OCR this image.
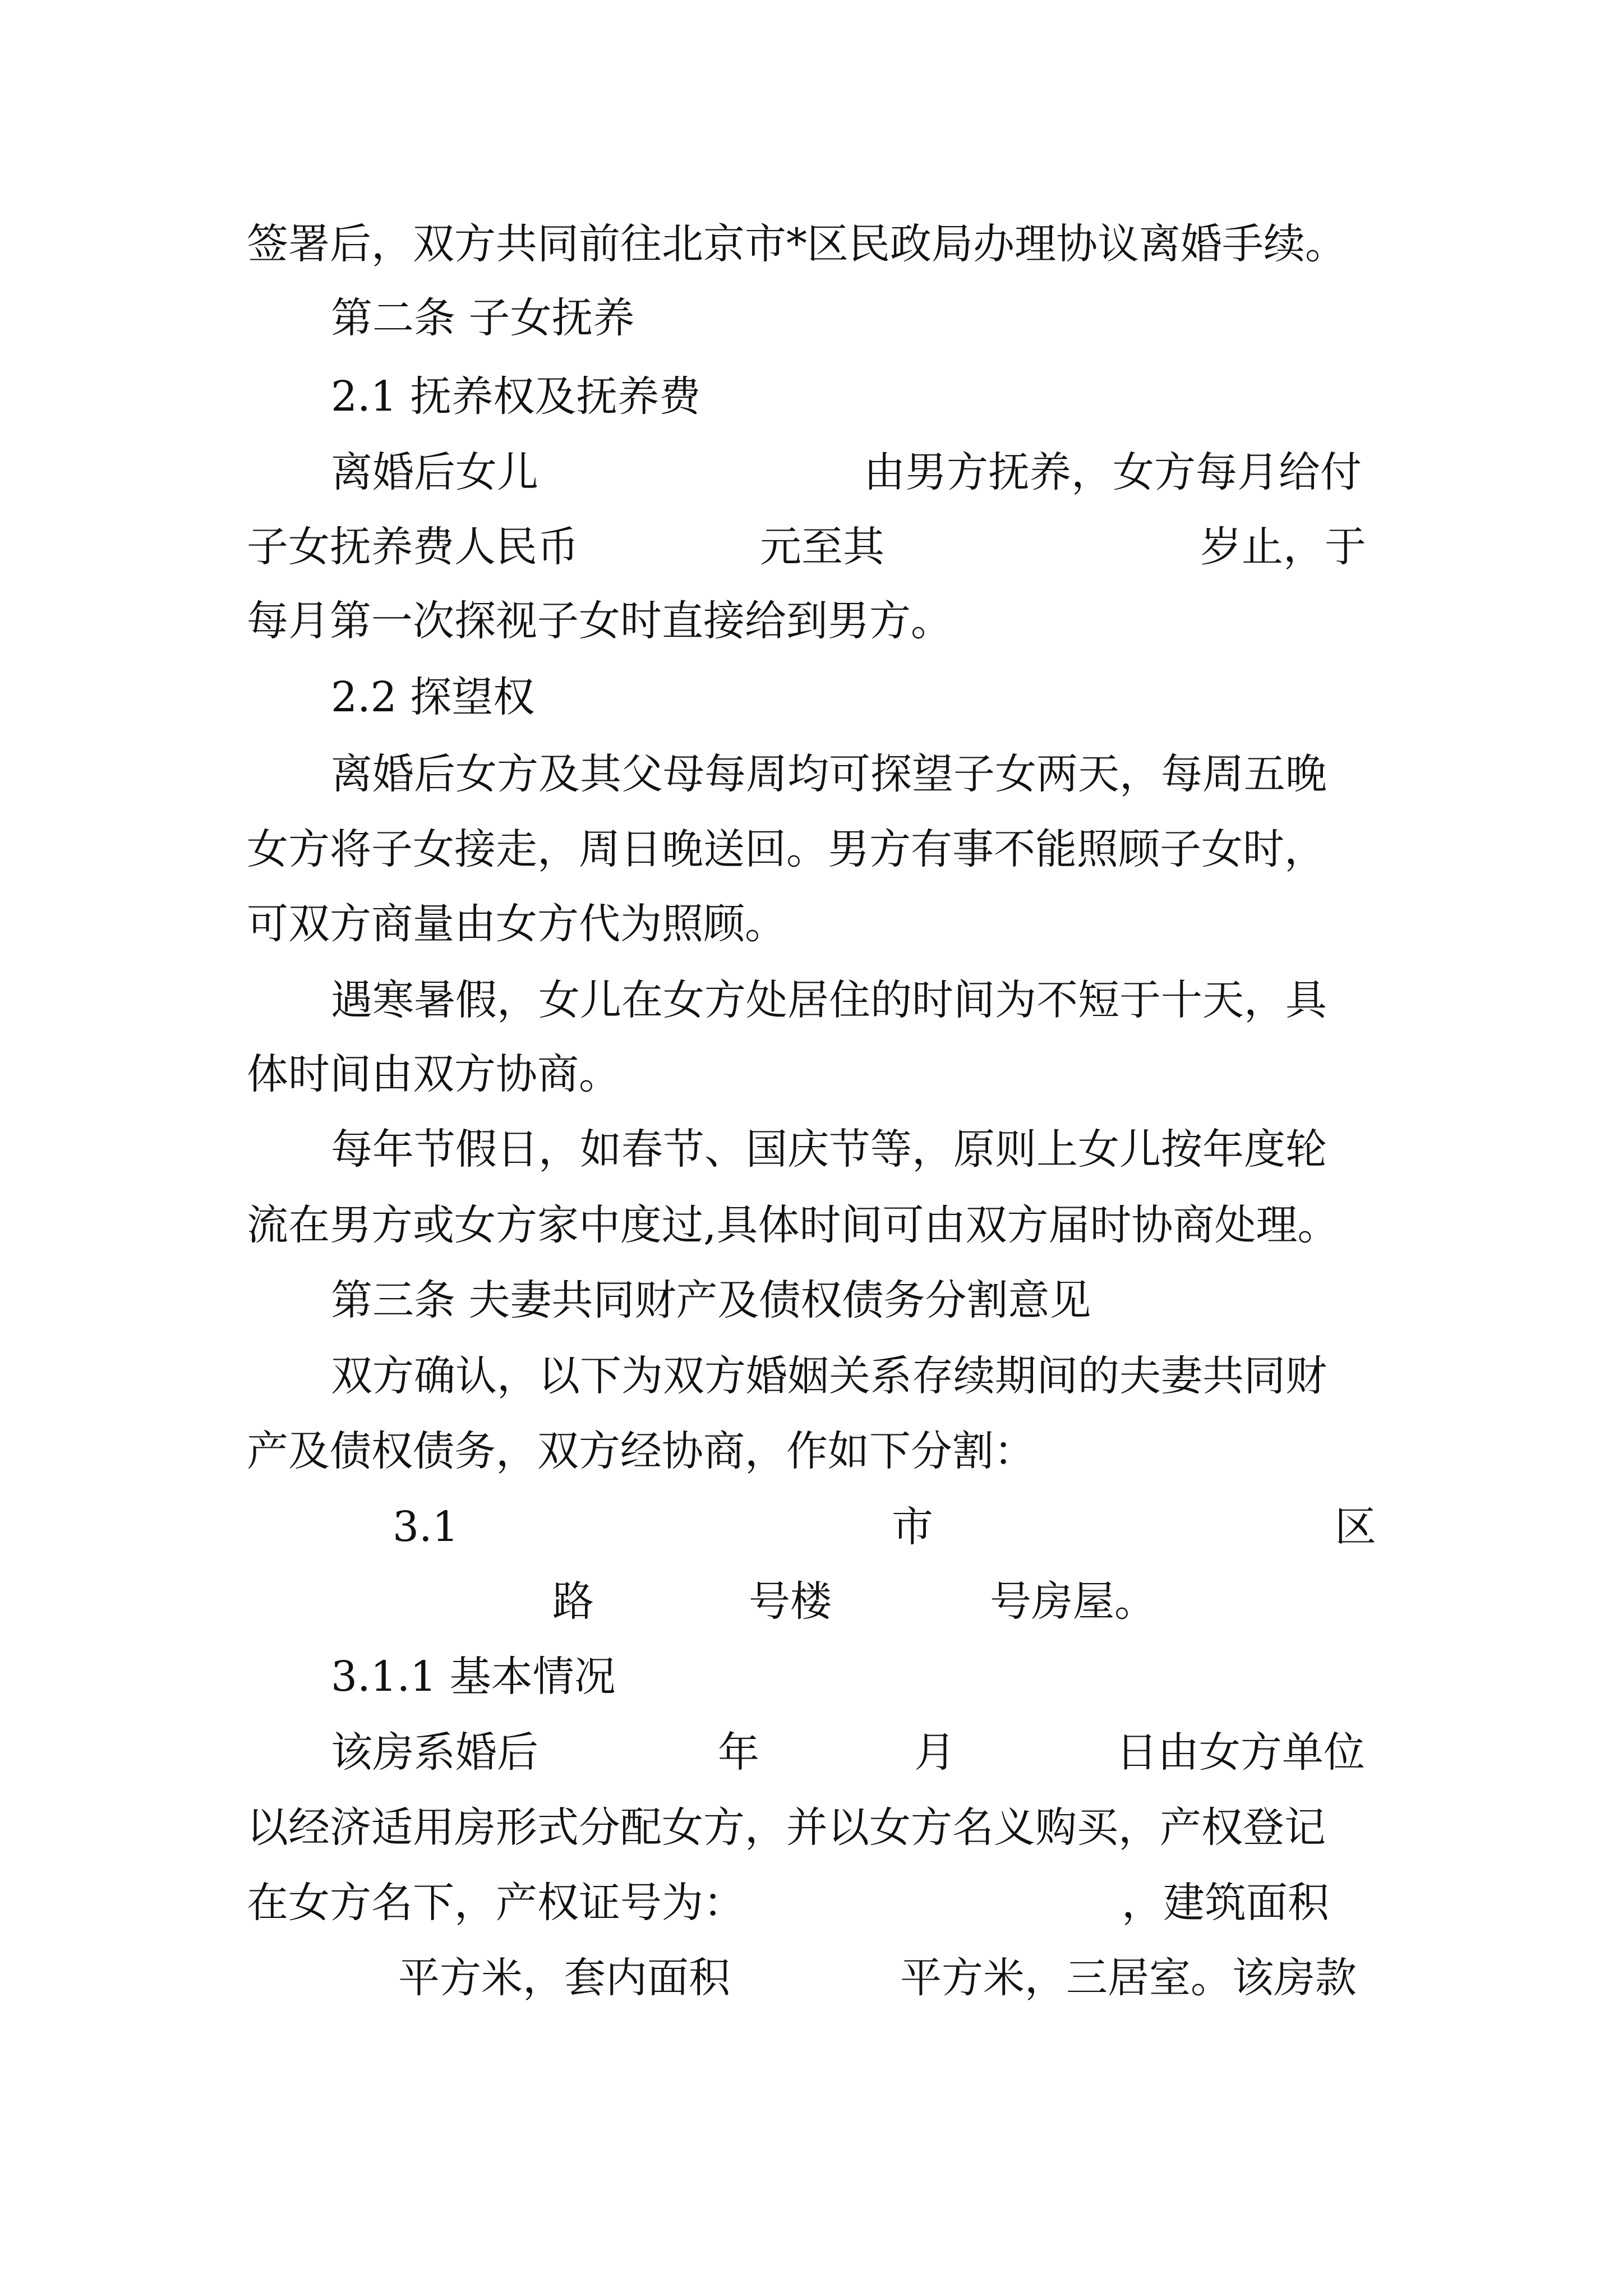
签署后，双方共同前往北京市*区民政局办理协议离婚手续。
第二条 子女抚养
2.1 抚养权及抚养费
离婚后女儿	由男方抚养，女方每月给付
子女抚养费人民币	元至其	岁止，于
每月第一次探视子女时直接给到男方。
2.2 探望权
离婚后女方及其父母每周均可探望子女两天，每周五晚
女方将子女接走，周日晚送回。男方有事不能照顾子女时，
可双方商量由女方代为照顾。
遇寒暑假，女儿在女方处居住的时间为不短于十天，具
体时间由双方协商。
每年节假日，如春节、国庆节等，原则上女儿按年度轮
流在男方或女方家中度过,具体时间可由双方届时协商处理。
第三条 夫妻共同财产及债权债务分割意见
双方确认，以下为双方婚姻关系存续期间的夫妻共同财
产及债权债务，双方经协商，作如下分割：
3.1	市	区
路	号楼	号房屋。
3.1.1 基本情况
该房系婚后	年	月	日由女方单位
以经济适用房形式分配女方，并以女方名义购买，产权登记
在女方名下，产权证号为：	，建筑面积
平方米，套内面积	平方米，三居室。该房款
